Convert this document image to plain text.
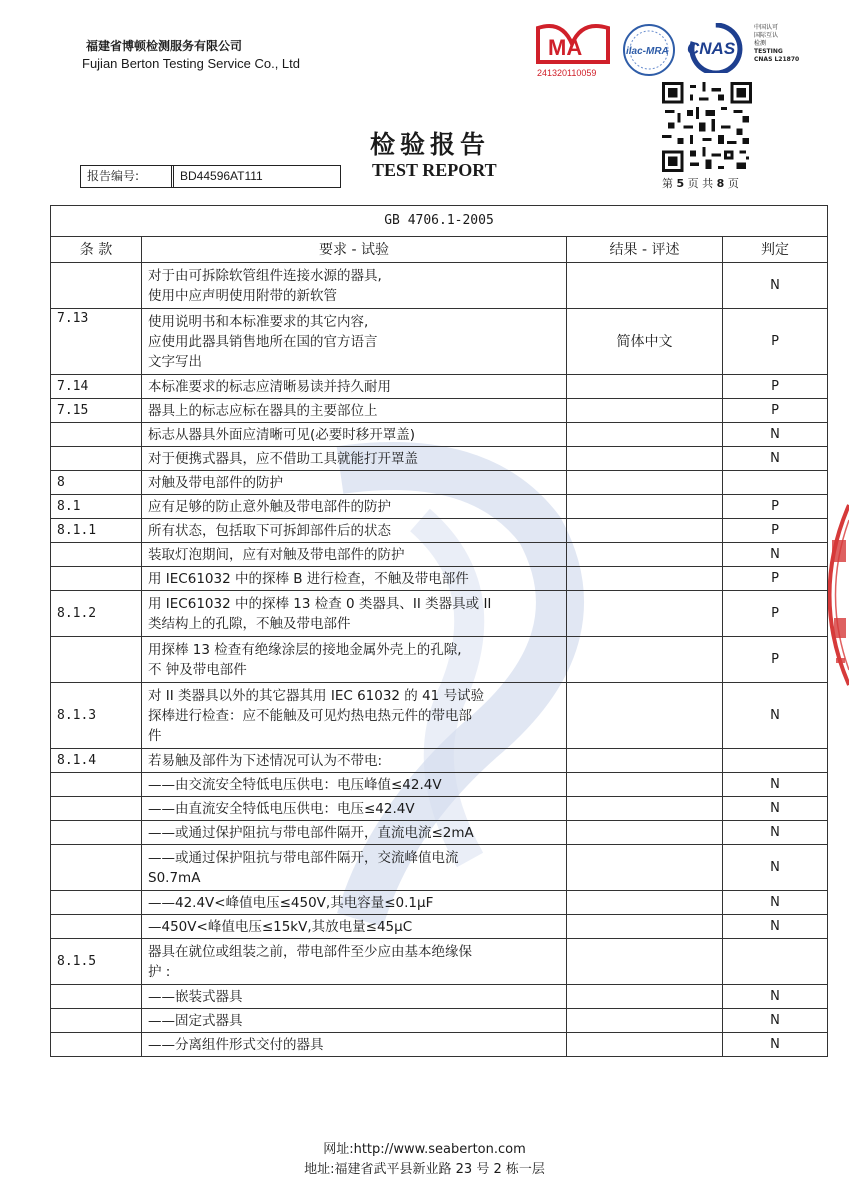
福建省博顿检测服务有限公司
Fujian Berton Testing Service Co., Ltd
MA
241320110059
ilac-MRA CNAS
中国认可
国际互认
检测
TESTING
CNAS L21870
检验报告
TEST REPORT
报告编号:	BD44596AT111
第 5 页 共 8 页
GB 4706.1-2005			
条 款	要求 - 试验	结果 - 评述	判定

	对于由可拆除软管组件连接水源的器具,
使用中应声明使用附带的新软管		N
7.13	使用说明书和本标准要求的其它内容,
应使用此器具销售地所在国的官方语言
文字写出	简体中文	P
7.14	本标准要求的标志应清晰易读并持久耐用		P
7.15	器具上的标志应标在器具的主要部位上		P

	标志从器具外面应清晰可见(必要时移开罩盖)		N

	对于便携式器具，应不借助工具就能打开罩盖		N
8	对触及带电部件的防护		

8.1	应有足够的防止意外触及带电部件的防护		P
8.1.1	所有状态，包括取下可拆卸部件后的状态		P

	装取灯泡期间，应有对触及带电部件的防护		N

	用 IEC61032 中的探棒 B 进行检查，不触及带电部件		P
8.1.2	用 IEC61032 中的探棒 13 检查 0 类器具、II 类器具或 II
类结构上的孔隙，不触及带电部件		P

	用探棒 13 检查有绝缘涂层的接地金属外壳上的孔隙,
不 钟及带电部件		P
8.1.3	对 II 类器具以外的其它器其用 IEC 61032 的 41 号试验
探棒进行检查：应不能触及可见灼热电热元件的带电部
件		N
8.1.4	若易触及部件为下述情况可认为不带电:		

	——由交流安全特低电压供电：电压峰值≤42.4V		N

	——由直流安全特低电压供电：电压≤42.4V		N

	——或通过保护阻抗与带电部件隔开，直流电流≤2mA		N

	——或通过保护阻抗与带电部件隔开，交流峰值电流
S0.7mA		N

	——42.4V<峰值电压≤450V,其电容量≤0.1μF		N

	—450V<峰值电压≤15kV,其放电量≤45μC		N
8.1.5	器具在就位或组装之前，带电部件至少应由基本绝缘保
护 :		

	——嵌装式器具		N

	——固定式器具		N

	——分离组件形式交付的器具		N
网址:http://www.seaberton.com
地址:福建省武平县新业路 23 号 2 栋一层
